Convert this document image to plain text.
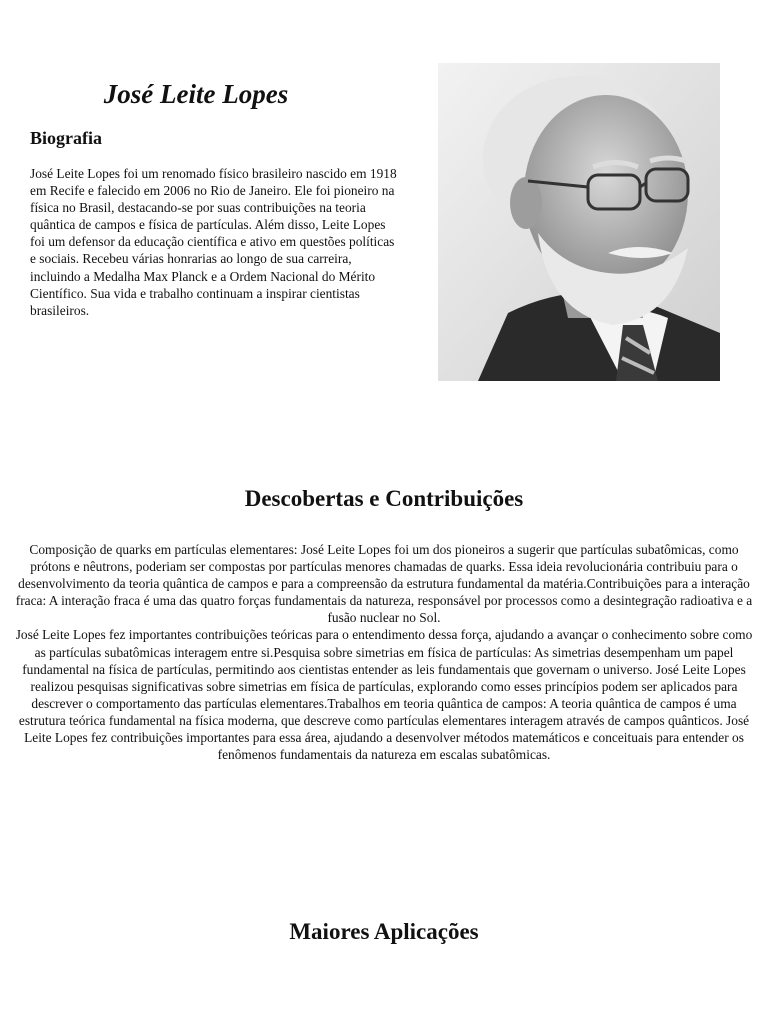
José Leite Lopes
Biografia

José Leite Lopes foi um renomado físico brasileiro nascido em 1918 em Recife e falecido em 2006 no Rio de Janeiro. Ele foi pioneiro na física no Brasil, destacando-se por suas contribuições na teoria quântica de campos e física de partículas. Além disso, Leite Lopes foi um defensor da educação científica e ativo em questões políticas e sociais. Recebeu várias honrarias ao longo de sua carreira, incluindo a Medalha Max Planck e a Ordem Nacional do Mérito Científico. Sua vida e trabalho continuam a inspirar cientistas brasileiros.

Descobertas e Contribuições

Composição de quarks em partículas elementares: José Leite Lopes foi um dos pioneiros a sugerir que partículas subatômicas, como prótons e nêutrons, poderiam ser compostas por partículas menores chamadas de quarks. Essa ideia revolucionária contribuiu para o desenvolvimento da teoria quântica de campos e para a compreensão da estrutura fundamental da matéria.Contribuições para a interação fraca: A interação fraca é uma das quatro forças fundamentais da natureza, responsável por processos como a desintegração radioativa e a fusão nuclear no Sol.

José Leite Lopes fez importantes contribuições teóricas para o entendimento dessa força, ajudando a avançar o conhecimento sobre como as partículas subatômicas interagem entre si.Pesquisa sobre simetrias em física de partículas: As simetrias desempenham um papel fundamental na física de partículas, permitindo aos cientistas entender as leis fundamentais que governam o universo. José Leite Lopes realizou pesquisas significativas sobre simetrias em física de partículas, explorando como esses princípios podem ser aplicados para descrever o comportamento das partículas elementares.Trabalhos em teoria quântica de campos: A teoria quântica de campos é uma estrutura teórica fundamental na física moderna, que descreve como partículas elementares interagem através de campos quânticos. José Leite Lopes fez contribuições importantes para essa área, ajudando a desenvolver métodos matemáticos e conceituais para entender os fenômenos fundamentais da natureza em escalas subatômicas.

Maiores Aplicações
